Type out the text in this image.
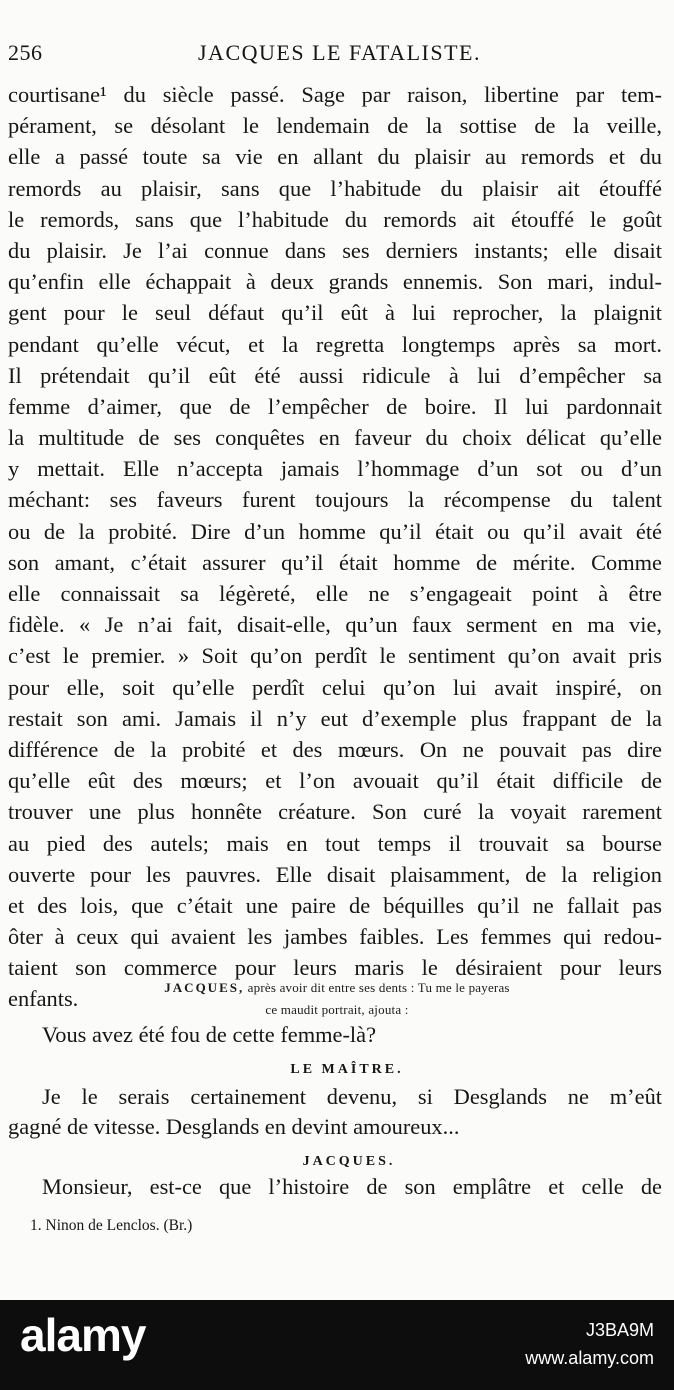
256	JACQUES LE FATALISTE.
courtisane¹ du siècle passé. Sage par raison, libertine par tem-
pérament, se désolant le lendemain de la sottise de la veille,
elle a passé toute sa vie en allant du plaisir au remords et du
remords au plaisir, sans que l’habitude du plaisir ait étouffé
le remords, sans que l’habitude du remords ait étouffé le goût
du plaisir. Je l’ai connue dans ses derniers instants; elle disait
qu’enfin elle échappait à deux grands ennemis. Son mari, indul-
gent pour le seul défaut qu’il eût à lui reprocher, la plaignit
pendant qu’elle vécut, et la regretta longtemps après sa mort.
Il prétendait qu’il eût été aussi ridicule à lui d’empêcher sa
femme d’aimer, que de l’empêcher de boire. Il lui pardonnait
la multitude de ses conquêtes en faveur du choix délicat qu’elle
y mettait. Elle n’accepta jamais l’hommage d’un sot ou d’un
méchant: ses faveurs furent toujours la récompense du talent
ou de la probité. Dire d’un homme qu’il était ou qu’il avait été
son amant, c’était assurer qu’il était homme de mérite. Comme
elle connaissait sa légèreté, elle ne s’engageait point à être
fidèle. « Je n’ai fait, disait-elle, qu’un faux serment en ma vie,
c’est le premier. » Soit qu’on perdît le sentiment qu’on avait pris
pour elle, soit qu’elle perdît celui qu’on lui avait inspiré, on
restait son ami. Jamais il n’y eut d’exemple plus frappant de la
différence de la probité et des mœurs. On ne pouvait pas dire
qu’elle eût des mœurs; et l’on avouait qu’il était difficile de
trouver une plus honnête créature. Son curé la voyait rarement
au pied des autels; mais en tout temps il trouvait sa bourse
ouverte pour les pauvres. Elle disait plaisamment, de la religion
et des lois, que c’était une paire de béquilles qu’il ne fallait pas
ôter à ceux qui avaient les jambes faibles. Les femmes qui redou-
taient son commerce pour leurs maris le désiraient pour leurs
enfants.	JACQUES, après avoir dit entre ses dents : Tu me le payeras
ce maudit portrait, ajouta :
Vous avez été fou de cette femme-là?
LE MAÎTRE.
Je le serais certainement devenu, si Desglands ne m’eût
gagné de vitesse. Desglands en devint amoureux...
JACQUES.
Monsieur, est-ce que l’histoire de son emplâtre et celle de
1. Ninon de Lenclos. (Br.)
alamy	J3BA9M
www.alamy.com
